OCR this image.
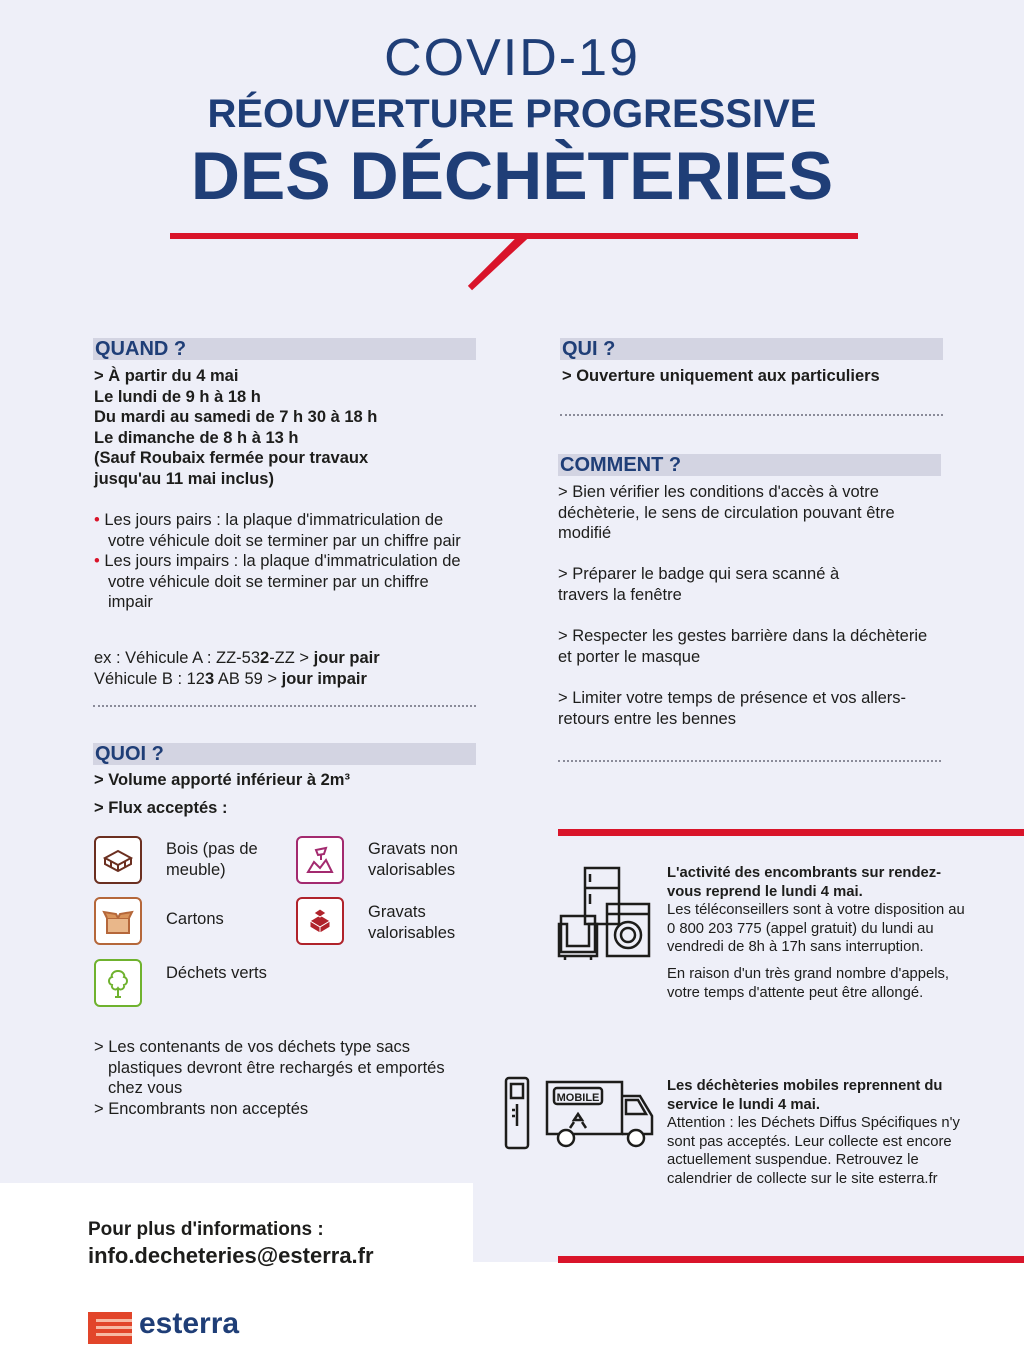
COVID-19
RÉOUVERTURE PROGRESSIVE
DES DÉCHÈTERIES
QUAND ?
> À partir du 4 mai
Le lundi de 9 h à 18 h
Du mardi au samedi de 7 h 30 à 18 h
Le dimanche de 8 h à 13 h
(Sauf Roubaix fermée pour travaux
jusqu'au 11 mai inclus)
• Les jours pairs : la plaque d'immatriculation de votre véhicule doit se terminer par un chiffre pair
• Les jours impairs : la plaque d'immatriculation de votre véhicule doit se terminer par un chiffre impair
ex : Véhicule A : ZZ-532-ZZ > jour pair
Véhicule B : 123 AB 59 > jour impair
QUOI ?
> Volume apporté inférieur à 2m³
> Flux acceptés :
Bois (pas de meuble)
Gravats non valorisables
Cartons	Gravats valorisables
Déchets verts
> Les contenants de vos déchets type sacs plastiques devront être rechargés et emportés chez vous
> Encombrants non acceptés
QUI ?
> Ouverture uniquement aux particuliers
COMMENT ?
> Bien vérifier les conditions d'accès à votre déchèterie, le sens de circulation pouvant être modifié
> Préparer le badge qui sera scanné à travers la fenêtre
> Respecter les gestes barrière dans la déchèterie et porter le masque
> Limiter votre temps de présence et vos allers-retours entre les bennes
L'activité des encombrants sur rendez-vous reprend le lundi 4 mai.
Les téléconseillers sont à votre disposition au 0 800 203 775 (appel gratuit) du lundi au vendredi de 8h à 17h sans interruption.
En raison d'un très grand nombre d'appels, votre temps d'attente peut être allongé.
MOBILE
Les déchèteries mobiles reprennent du service le lundi 4 mai.
Attention : les Déchets Diffus Spécifiques n'y sont pas acceptés. Leur collecte est encore actuellement suspendue. Retrouvez le calendrier de collecte sur le site esterra.fr
Pour plus d'informations :
info.decheteries@esterra.fr
esterra
